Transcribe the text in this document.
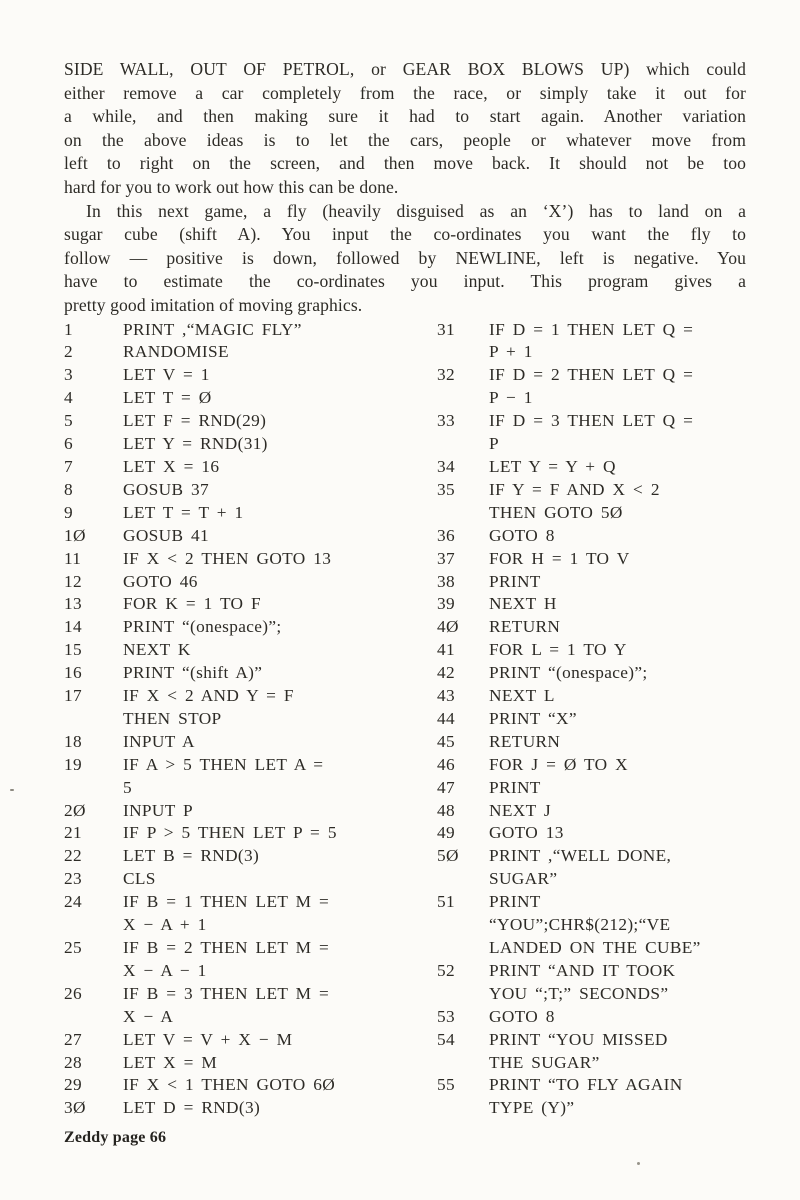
SIDE WALL, OUT OF PETROL, or GEAR BOX BLOWS UP) which could
either remove a car completely from the race, or simply take it out for
a while, and then making sure it had to start again. Another variation
on the above ideas is to let the cars, people or whatever move from
left to right on the screen, and then move back. It should not be too
hard for you to work out how this can be done.
In this next game, a fly (heavily disguised as an ‘X’) has to land on a
sugar cube (shift A). You input the co-ordinates you want the fly to
follow — positive is down, followed by NEWLINE, left is negative. You
have to estimate the co-ordinates you input. This program gives a
pretty good imitation of moving graphics.
1	PRINT ,“MAGIC FLY”
2	RANDOMISE
3	LET V = 1
4	LET T = Ø
5	LET F = RND(29)
6	LET Y = RND(31)
7	LET X = 16
8	GOSUB 37
9	LET T = T + 1
1Ø	GOSUB 41
11	IF X < 2 THEN GOTO 13
12	GOTO 46
13	FOR K = 1 TO F
14	PRINT “(onespace)”;
15	NEXT K
16	PRINT “(shift A)”
17	IF X < 2 AND Y = F
THEN STOP
18	INPUT A
19	IF A > 5 THEN LET A =
5
2Ø	INPUT P
21	IF P > 5 THEN LET P = 5
22	LET B = RND(3)
23	CLS
24	IF B = 1 THEN LET M =
X − A + 1
25	IF B = 2 THEN LET M =
X − A − 1
26	IF B = 3 THEN LET M =
X − A
27	LET V = V + X − M
28	LET X = M
29	IF X < 1 THEN GOTO 6Ø
3Ø	LET D = RND(3)
31	IF D = 1 THEN LET Q =
P + 1
32	IF D = 2 THEN LET Q =
P − 1
33	IF D = 3 THEN LET Q =
P
34	LET Y = Y + Q
35	IF Y = F AND X < 2
THEN GOTO 5Ø
36	GOTO 8
37	FOR H = 1 TO V
38	PRINT
39	NEXT H
4Ø	RETURN
41	FOR L = 1 TO Y
42	PRINT “(onespace)”;
43	NEXT L
44	PRINT “X”
45	RETURN
46	FOR J = Ø TO X
47	PRINT
48	NEXT J
49	GOTO 13
5Ø	PRINT ,“WELL DONE,
SUGAR”
51	PRINT
“YOU”;CHR$(212);“VE
LANDED ON THE CUBE”
52	PRINT “AND IT TOOK
YOU “;T;” SECONDS”
53	GOTO 8
54	PRINT “YOU MISSED
THE SUGAR”
55	PRINT “TO FLY AGAIN
TYPE (Y)”
Zeddy page 66
